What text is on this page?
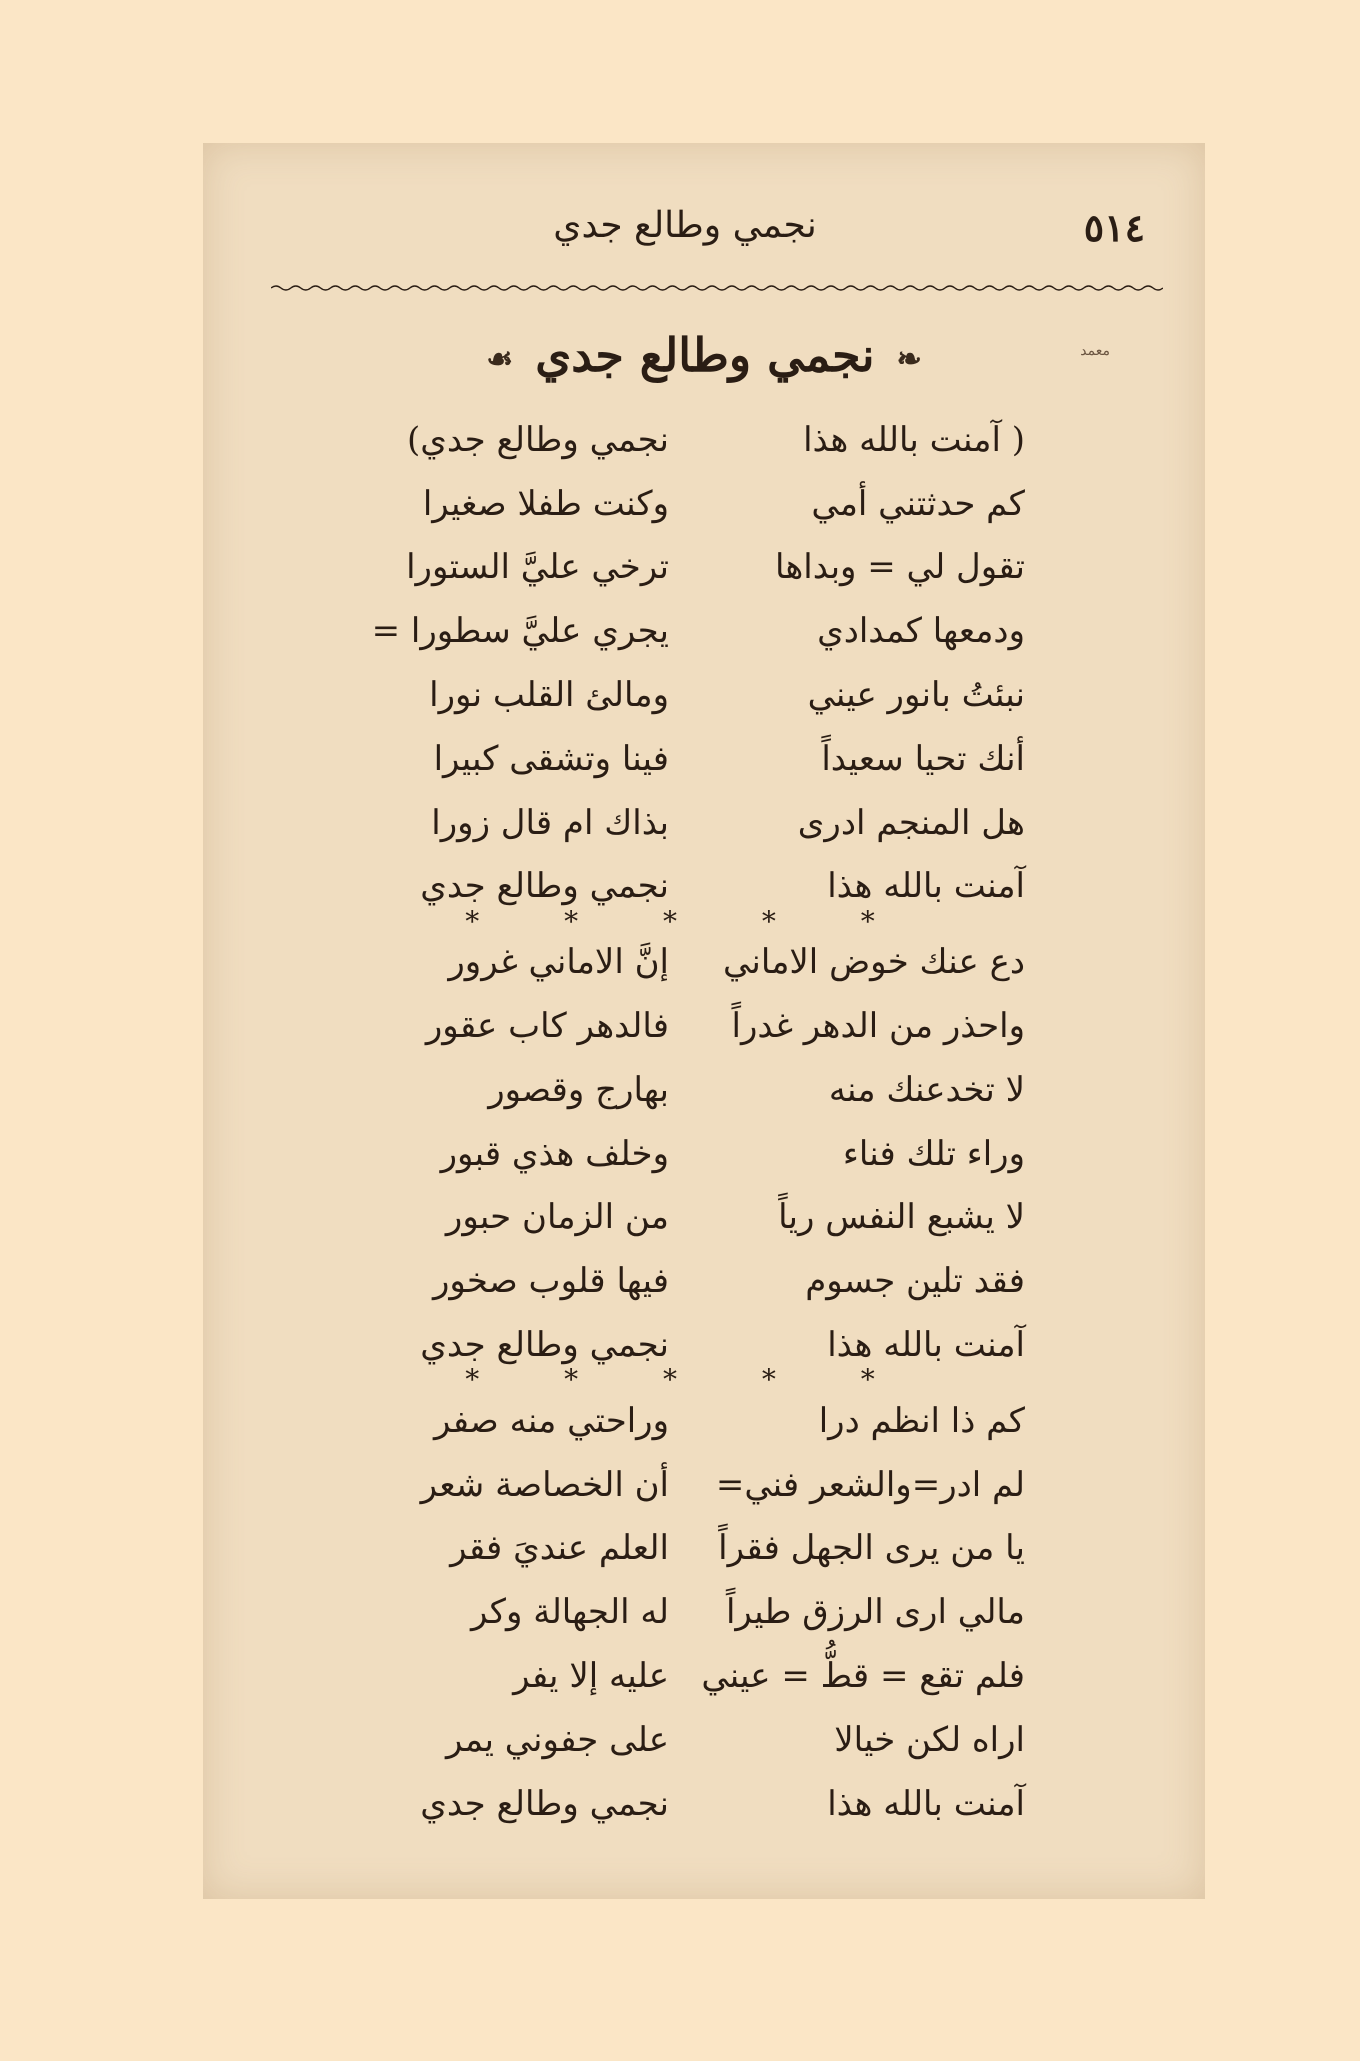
٥١٤
نجمي وطالع جدي
معمد
❧نجمي وطالع جدي☙
( آمنت بالله هذا
نجمي وطالع جدي)
كم حدثتني أمي
وكنت طفلا صغيرا
تقول لي = وبداها
ترخي عليَّ الستورا
ودمعها كمدادي
يجري عليَّ سطورا =
نبئتُ بانور عيني
ومالئ القلب نورا
أنك تحيا سعيداً
فينا وتشقى كبيرا
هل المنجم ادرى
بذاك ام قال زورا
آمنت بالله هذا
نجمي وطالع جدي
* * * * *
دع عنك خوض الاماني
إنَّ الاماني غرور
واحذر من الدهر غدراً
فالدهر كاب عقور
لا تخدعنك منه
بهارج وقصور
وراء تلك فناء
وخلف هذي قبور
لا يشبع النفس رياً
من الزمان حبور
فقد تلين جسوم
فيها قلوب صخور
آمنت بالله هذا
نجمي وطالع جدي
* * * * *
كم ذا انظم درا
وراحتي منه صفر
لم ادر=والشعر فني=
أن الخصاصة شعر
يا من يرى الجهل فقراً
العلم عنديَ فقر
مالي ارى الرزق طيراً
له الجهالة وكر
فلم تقع = قطُّ = عيني
عليه إلا يفر
اراه لكن خيالا
على جفوني يمر
آمنت بالله هذا
نجمي وطالع جدي
